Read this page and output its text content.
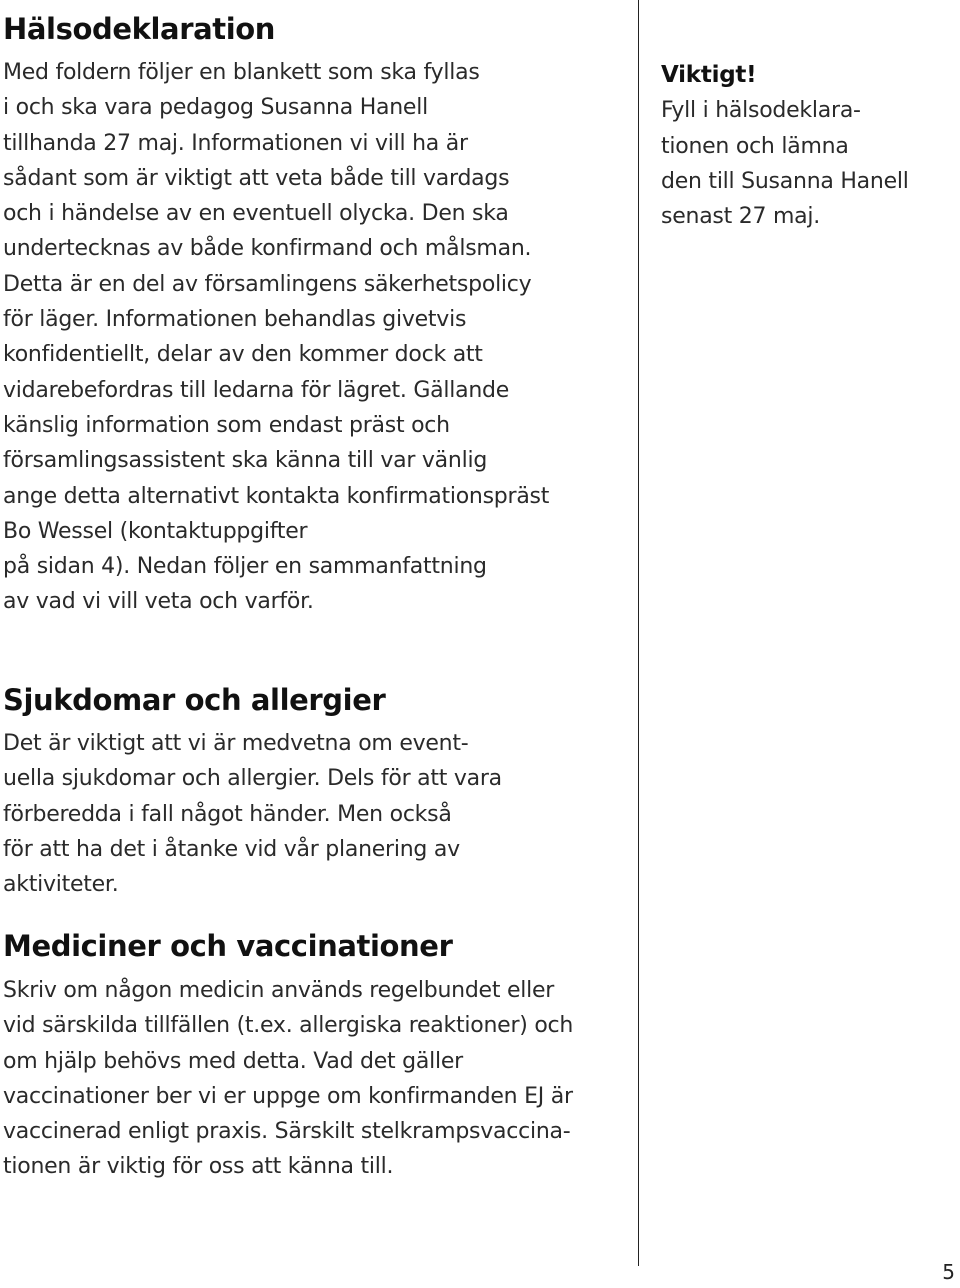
Hälsodeklaration
Med foldern följer en blankett som ska fyllas
i och ska vara pedagog Susanna Hanell
tillhanda 27 maj. Informationen vi vill ha är
sådant som är viktigt att veta både till vardags
och i händelse av en eventuell olycka. Den ska
undertecknas av både konfirmand och målsman.
Detta är en del av församlingens säkerhetspolicy
för läger. Informationen behandlas givetvis
konfidentiellt, delar av den kommer dock att
vidarebefordras till ledarna för lägret. Gällande
känslig information som endast präst och
församlingsassistent ska känna till var vänlig
ange detta alternativt kontakta konfirmationspräst
Bo Wessel (kontaktuppgifter
på sidan 4). Nedan följer en sammanfattning
av vad vi vill veta och varför.
Sjukdomar och allergier
Det är viktigt att vi är medvetna om event-
uella sjukdomar och allergier. Dels för att vara
förberedda i fall något händer. Men också
för att ha det i åtanke vid vår planering av
aktiviteter.
Mediciner och vaccinationer
Skriv om någon medicin används regelbundet eller
vid särskilda tillfällen (t.ex. allergiska reaktioner) och
om hjälp behövs med detta. Vad det gäller
vaccinationer ber vi er uppge om konfirmanden EJ är
vaccinerad enligt praxis. Särskilt stelkrampsvaccina-
tionen är viktig för oss att känna till.
Viktigt!
Fyll i hälsodeklara-
tionen och lämna
den till Susanna Hanell
senast 27 maj.
5
